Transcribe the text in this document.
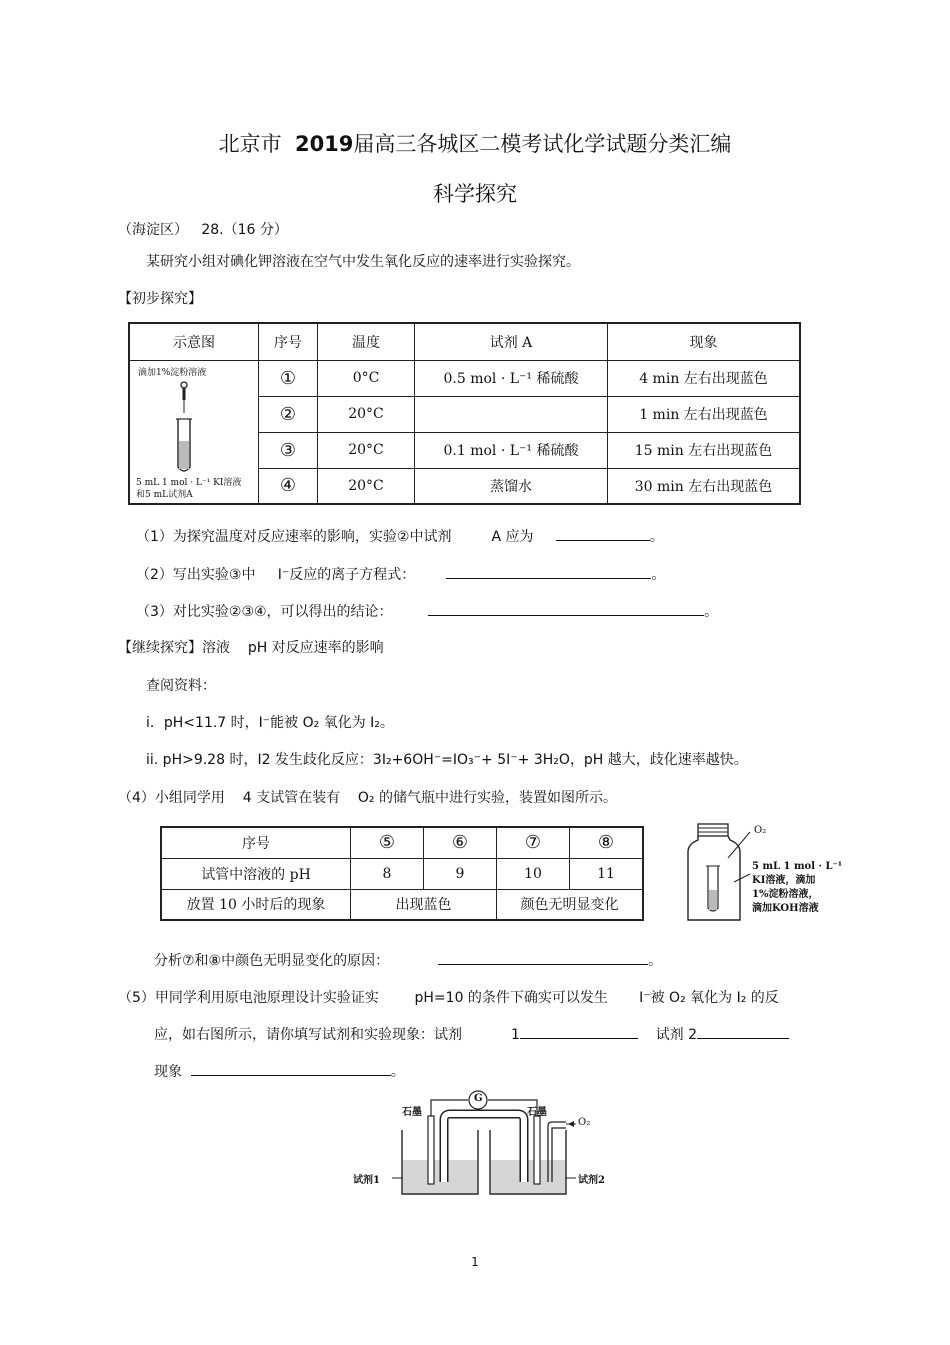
北京市 2019届高三各城区二模考试化学试题分类汇编
科学探究
（海淀区） 28.（16 分）
某研究小组对碘化钾溶液在空气中发生氧化反应的速率进行实验探究。
【初步探究】
示意图	序号	温度	试剂 A	现象

滴加1%淀粉溶液
5 mL 1 mol · L⁻¹ KI溶液
和5 mL试剂A	①	0°C	0.5 mol · L⁻¹ 稀硫酸	4 min 左右出现蓝色
	②	20°C		1 min 左右出现蓝色
	③	20°C	0.1 mol · L⁻¹ 稀硫酸	15 min 左右出现蓝色
	④	20°C	蒸馏水	30 min 左右出现蓝色
（1）为探究温度对反应速率的影响，实验②中试剂	A 应为	。
（2）写出实验③中 I⁻反应的离子方程式：	。
（3）对比实验②③④，可以得出的结论：	。
【继续探究】溶液 pH 对反应速率的影响
查阅资料：
i．pH<11.7 时，I⁻能被 O₂ 氧化为 I₂。
ii. pH>9.28 时，I2 发生歧化反应：3I₂+6OH⁻=IO₃⁻+ 5I⁻+ 3H₂O，pH 越大，歧化速率越快。
（4）小组同学用 4 支试管在装有 O₂ 的储气瓶中进行实验，装置如图所示。
序号	⑤	⑥	⑦	⑧
试管中溶液的 pH	8	9	10	11
放置 10 小时后的现象	出现蓝色		颜色无明显变化	
O₂
5 mL 1 mol · L⁻¹
KI溶液，滴加
1%淀粉溶液，
滴加KOH溶液
分析⑦和⑧中颜色无明显变化的原因：	。
（5）甲同学利用原电池原理设计实验证实	pH=10 的条件下确实可以发生 I⁻被 O₂ 氧化为 I₂ 的反
应，如右图所示，请你填写试剂和实验现象：试剂	1	试剂 2
现象	。
石墨	石墨
G
O₂
试剂1	试剂2
1
